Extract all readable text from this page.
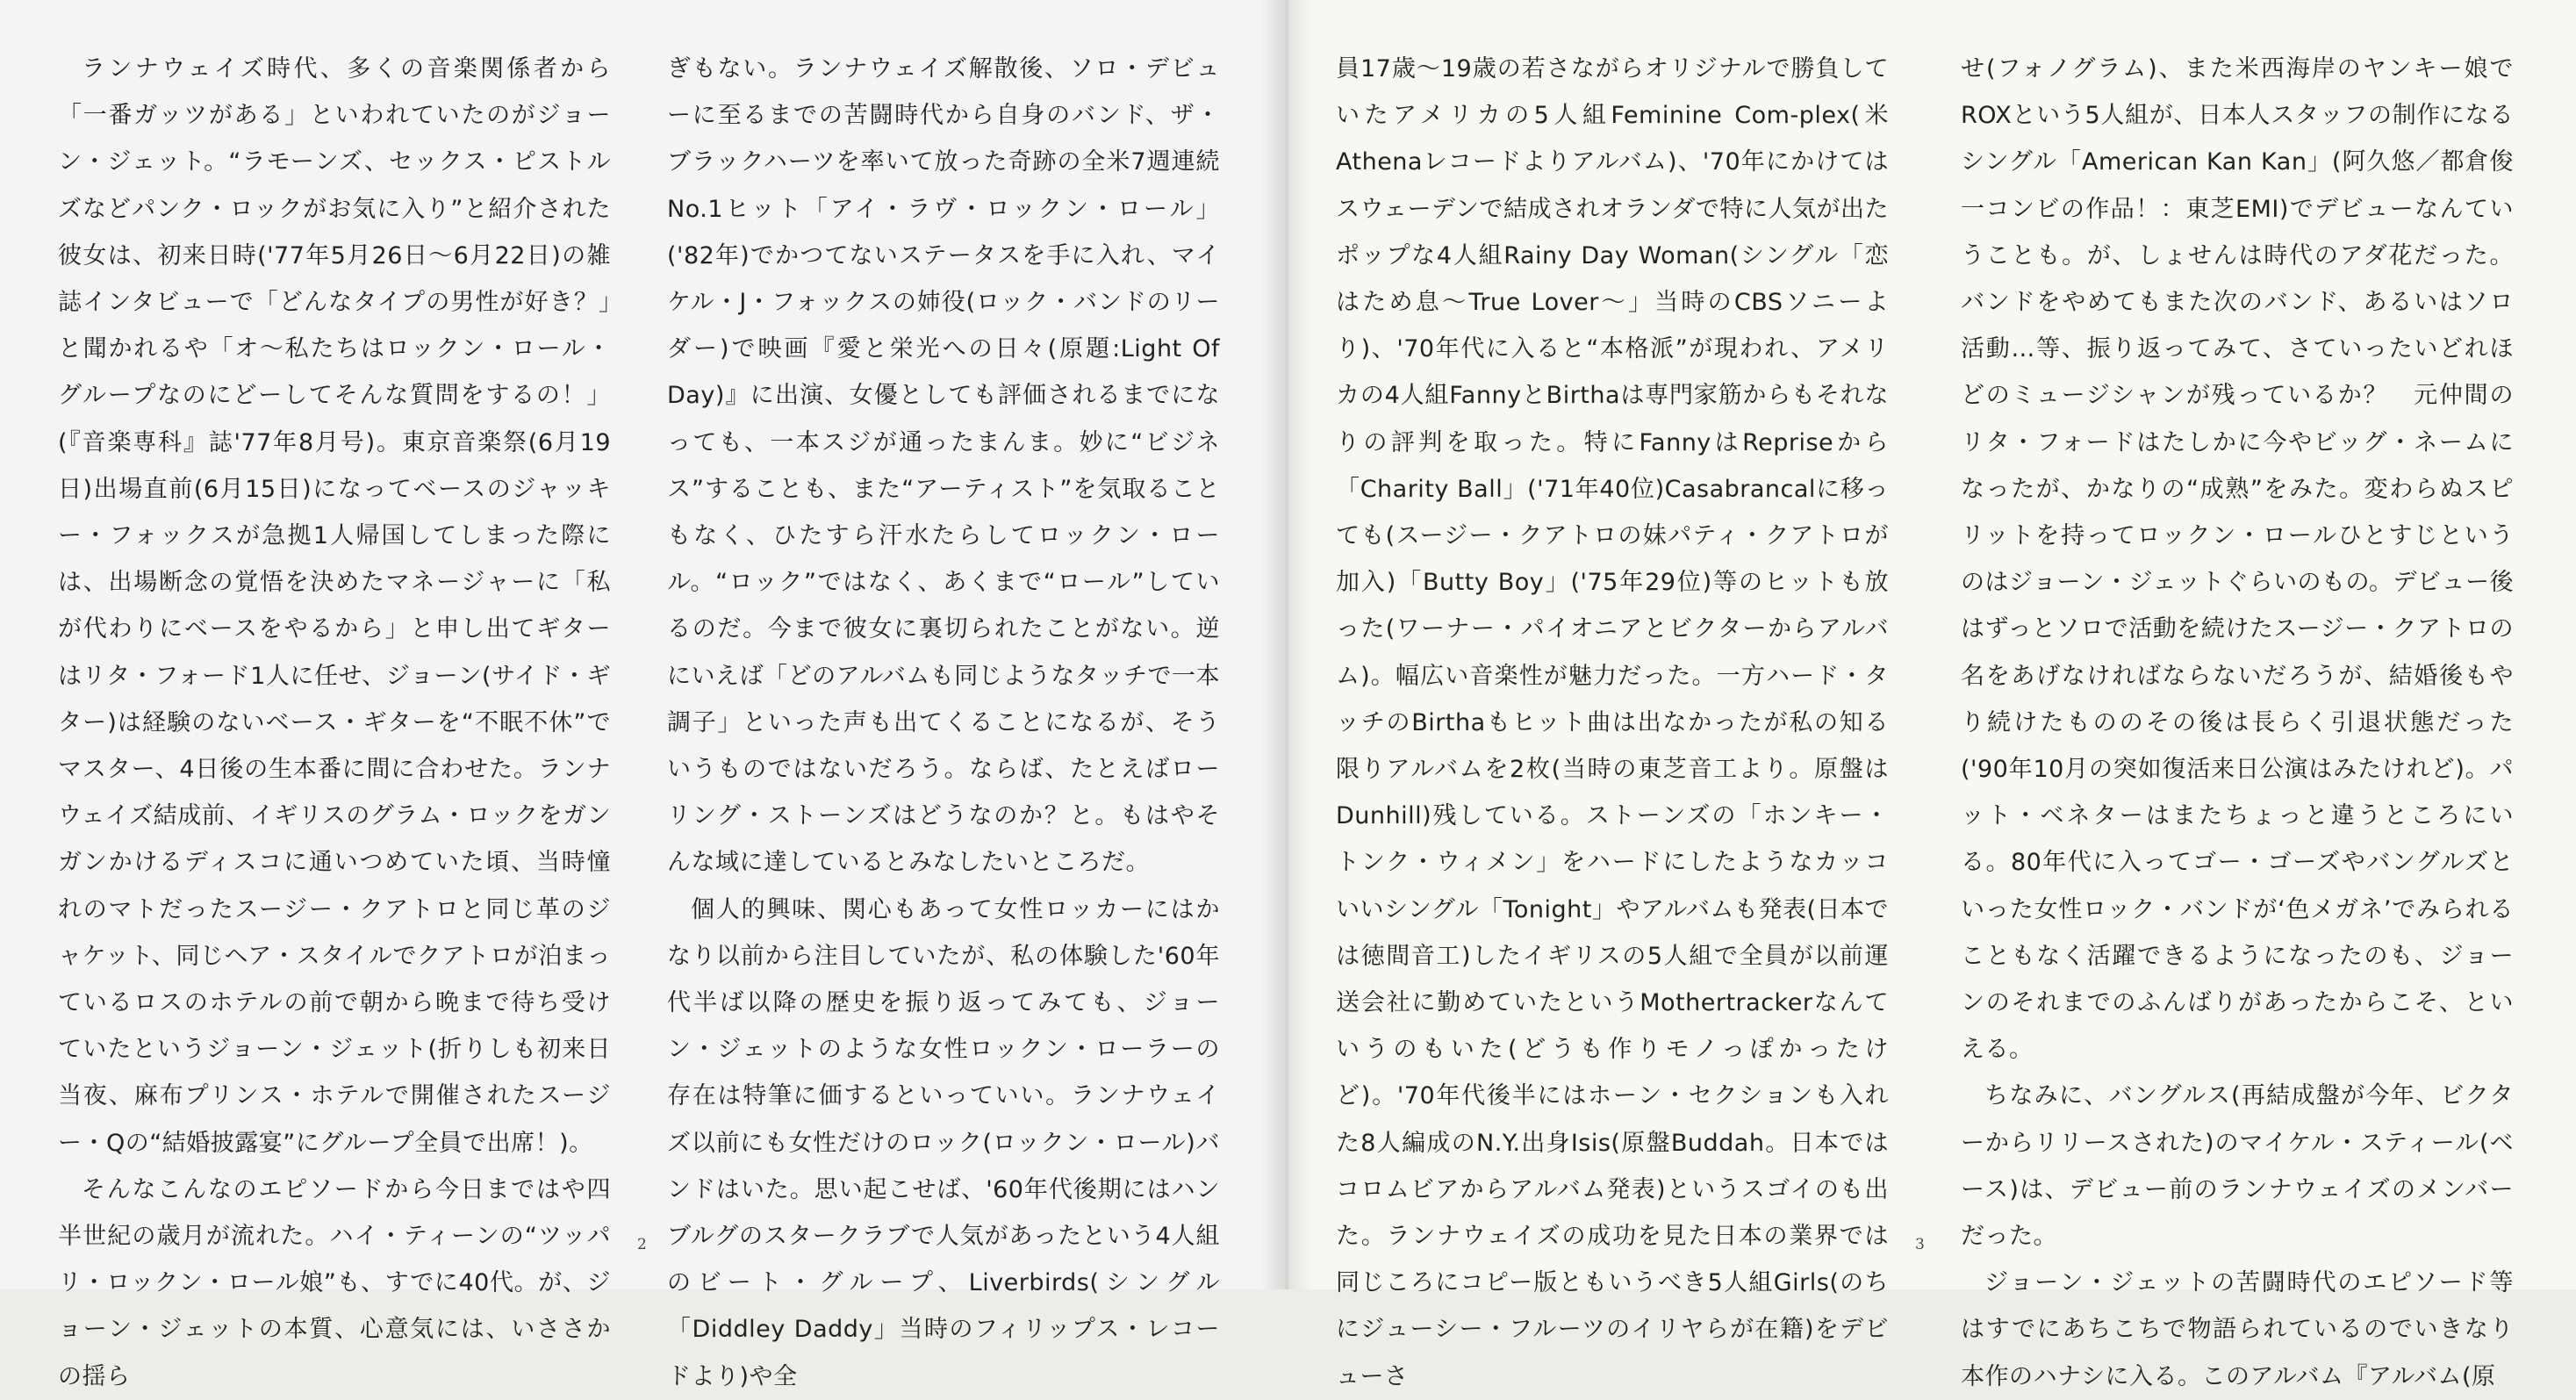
ランナウェイズ時代、多くの音楽関係者から「一番ガッツがある」といわれていたのがジョーン・ジェット。“ラモーンズ、セックス・ピストルズなどパンク・ロックがお気に入り”と紹介された彼女は、初来日時('77年5月26日〜6月22日)の雑誌インタビューで「どんなタイプの男性が好き？」と聞かれるや「オ〜私たちはロックン・ロール・グループなのにどーしてそんな質問をするの！」(『音楽専科』誌'77年8月号)。東京音楽祭(6月19日)出場直前(6月15日)になってベースのジャッキー・フォックスが急拠1人帰国してしまった際には、出場断念の覚悟を決めたマネージャーに「私が代わりにベースをやるから」と申し出てギターはリタ・フォード1人に任せ、ジョーン(サイド・ギター)は経験のないベース・ギターを“不眠不休”でマスター、4日後の生本番に間に合わせた。ランナウェイズ結成前、イギリスのグラム・ロックをガンガンかけるディスコに通いつめていた頃、当時憧れのマトだったスージー・クアトロと同じ革のジャケット、同じヘア・スタイルでクアトロが泊まっているロスのホテルの前で朝から晩まで待ち受けていたというジョーン・ジェット(折りしも初来日当夜、麻布プリンス・ホテルで開催されたスージー・Qの“結婚披露宴”にグループ全員で出席！)。

そんなこんなのエピソードから今日まではや四半世紀の歳月が流れた。ハイ・ティーンの“ツッパリ・ロックン・ロール娘”も、すでに40代。が、ジョーン・ジェットの本質、心意気には、いささかの揺ら

ぎもない。ランナウェイズ解散後、ソロ・デビューに至るまでの苦闘時代から自身のバンド、ザ・ブラックハーツを率いて放った奇跡の全米7週連続No.1ヒット「アイ・ラヴ・ロックン・ロール」('82年)でかつてないステータスを手に入れ、マイケル・J・フォックスの姉役(ロック・バンドのリーダー)で映画『愛と栄光への日々(原題:Light Of Day)』に出演、女優としても評価されるまでになっても、一本スジが通ったまんま。妙に“ビジネス”することも、また“アーティスト”を気取ることもなく、ひたすら汗水たらしてロックン・ロール。“ロック”ではなく、あくまで“ロール”しているのだ。今まで彼女に裏切られたことがない。逆にいえば「どのアルバムも同じようなタッチで一本調子」といった声も出てくることになるが、そういうものではないだろう。ならば、たとえばローリング・ストーンズはどうなのか？と。もはやそんな域に達しているとみなしたいところだ。

個人的興味、関心もあって女性ロッカーにはかなり以前から注目していたが、私の体験した'60年代半ば以降の歴史を振り返ってみても、ジョーン・ジェットのような女性ロックン・ローラーの存在は特筆に価するといっていい。ランナウェイズ以前にも女性だけのロック(ロックン・ロール)バンドはいた。思い起こせば、'60年代後期にはハンブルグのスタークラブで人気があったという4人組のビート・グループ、Liverbirds(シングル「Diddley Daddy」当時のフィリップス・レコードより)や全

2

員17歳〜19歳の若さながらオリジナルで勝負していたアメリカの5人組Feminine Com-plex(米Athenaレコードよりアルバム)、'70年にかけてはスウェーデンで結成されオランダで特に人気が出たポップな4人組Rainy Day Woman(シングル「恋はため息〜True Lover〜」当時のCBSソニーより)、'70年代に入ると“本格派”が現われ、アメリカの4人組FannyとBirthaは専門家筋からもそれなりの評判を取った。特にFannyはRepriseから「Charity Ball」('71年40位)Casabrancalに移っても(スージー・クアトロの妹パティ・クアトロが加入)「Butty Boy」('75年29位)等のヒットも放った(ワーナー・パイオニアとビクターからアルバム)。幅広い音楽性が魅力だった。一方ハード・タッチのBirthaもヒット曲は出なかったが私の知る限りアルバムを2枚(当時の東芝音工より。原盤はDunhill)残している。ストーンズの「ホンキー・トンク・ウィメン」をハードにしたようなカッコいいシングル「Tonight」やアルバムも発表(日本では徳間音工)したイギリスの5人組で全員が以前運送会社に勤めていたというMothertrackerなんていうのもいた(どうも作りモノっぽかったけど)。'70年代後半にはホーン・セクションも入れた8人編成のN.Y.出身Isis(原盤Buddah。日本ではコロムビアからアルバム発表)というスゴイのも出た。ランナウェイズの成功を見た日本の業界では同じころにコピー版ともいうべき5人組Girls(のちにジューシー・フルーツのイリヤらが在籍)をデビューさ

せ(フォノグラム)、また米西海岸のヤンキー娘でROXという5人組が、日本人スタッフの制作になるシングル「American Kan Kan」(阿久悠／都倉俊一コンビの作品！：東芝EMI)でデビューなんていうことも。が、しょせんは時代のアダ花だった。バンドをやめてもまた次のバンド、あるいはソロ活動…等、振り返ってみて、さていったいどれほどのミュージシャンが残っているか？　元仲間のリタ・フォードはたしかに今やビッグ・ネームになったが、かなりの“成熟”をみた。変わらぬスピリットを持ってロックン・ロールひとすじというのはジョーン・ジェットぐらいのもの。デビュー後はずっとソロで活動を続けたスージー・クアトロの名をあげなければならないだろうが、結婚後もやり続けたもののその後は長らく引退状態だった('90年10月の突如復活来日公演はみたけれど)。パット・ベネターはまたちょっと違うところにいる。80年代に入ってゴー・ゴーズやバングルズといった女性ロック・バンドが‘色メガネ’でみられることもなく活躍できるようになったのも、ジョーンのそれまでのふんばりがあったからこそ、といえる。

ちなみに、バングルス(再結成盤が今年、ビクターからリリースされた)のマイケル・スティール(ベース)は、デビュー前のランナウェイズのメンバーだった。

ジョーン・ジェットの苦闘時代のエピソード等はすでにあちこちで物語られているのでいきなり本作のハナシに入る。このアルバム『アルバム(原

3
